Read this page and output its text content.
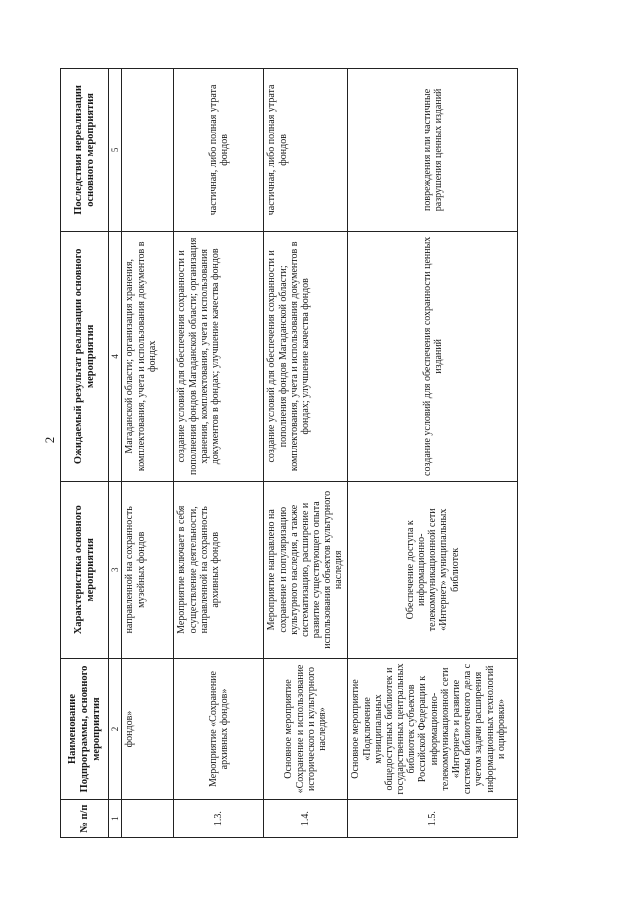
2
№ п/п	Наименование Подпрограммы, основного мероприятия	Характеристика основного мероприятия	Ожидаемый результат реализации основного мероприятия	Последствия нереализации основного мероприятия
1	2	3	4	5
	фондов»	направленной на сохранность музейных фондов	Магаданской области; организация хранения, комплектования, учета и использования документов в фондах	
1.3.	Мероприятие «Сохранение архивных фондов»	Мероприятие включает в себя осуществление деятельности, направленной на сохранность архивных фондов	создание условий для обеспечения сохранности и пополнения фондов Магаданской области; организация хранения, комплектования, учета и использования документов в фондах; улучшение качества фондов	частичная, либо полная утрата фондов
1.4.	Основное мероприятие «Сохранение и использование исторического и культурного наследия»	Мероприятие направлено на сохранение и популяризацию культурного наследия, а также систематизацию, расширение и развитие существующего опыта использования объектов культурного наследия	создание условий для обеспечения сохранности и пополнения фондов Магаданской области; комплектования, учета и использования документов в фондах; улучшение качества фондов	частичная, либо полная утрата фондов
1.5.	Основное мероприятие «Подключение муниципальных общедоступных библиотек и государственных центральных библиотек субъектов Российской Федерации к информационно-телекоммуникационной сети «Интернет» и развитие системы библиотечного дела с учетом задачи расширения информационных технологий и оцифровки»	Обеспечение доступа к информационно-телекоммуникационной сети «Интернет» муниципальных библиотек	создание условий для обеспечения сохранности ценных изданий	повреждения или частичные разрушения ценных изданий
